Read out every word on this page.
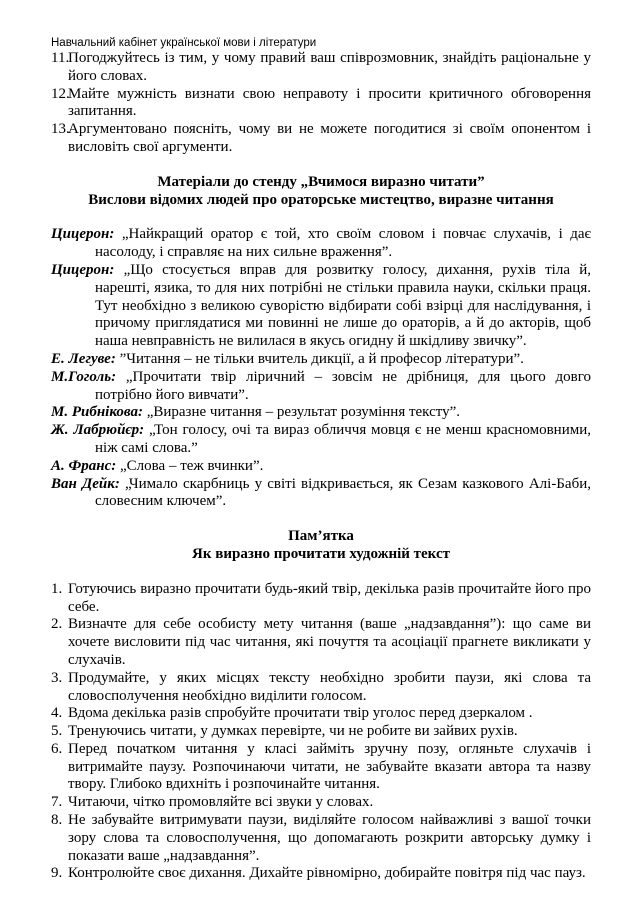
Навчальний кабінет української мови і літератури
11.
Погоджуйтесь із тим, у чому правий ваш співрозмовник, знайдіть раціональне у його словах.
12.
Майте мужність визнати свою неправоту і просити критичного обговорення запитання.
13.
Аргументовано поясніть, чому ви не можете погодитися зі своїм опонентом і висловіть свої аргументи.
Матеріали до стенду „Вчимося виразно читати”
Вислови відомих людей про ораторське мистецтво, виразне читання
Цицерон: „Найкращий оратор є той, хто своїм словом і повчає слухачів, і дає насолоду, і справляє на них сильне враження”.
Цицерон: „Що стосується вправ для розвитку голосу, дихання, рухів тіла й, нарешті, язика, то для них потрібні не стільки правила науки, скільки праця. Тут необхідно з великою суворістю відбирати собі взірці для наслідування, і причому приглядатися ми повинні не лише до ораторів, а й до акторів, щоб наша невправність не вилилася в якусь огидну й шкідливу звичку”.
Е. Легуве: ”Читання – не тільки вчитель дикції, а й професор літератури”.
М.Гоголь: „Прочитати твір ліричний – зовсім не дрібниця, для цього довго потрібно його вивчати”.
М. Рибнікова: „Виразне читання – результат розуміння тексту”.
Ж. Лабрюйєр: „Тон голосу, очі та вираз обличчя мовця є не менш красномовними, ніж самі слова.”
А. Франс: „Слова – теж вчинки”.
Ван Дейк: „Чимало скарбниць у світі відкривається, як Сезам казкового Алі-Баби, словесним ключем”.
Пам’ятка
Як виразно прочитати художній текст
1. Готуючись виразно прочитати будь-який твір, декілька разів прочитайте його про себе.
2. Визначте для себе особисту мету читання (ваше „надзавдання”): що саме ви хочете висловити під час читання, які почуття та асоціації прагнете викликати у слухачів.
3. Продумайте, у яких місцях тексту необхідно зробити паузи, які слова та словосполучення необхідно виділити голосом.
4. Вдома декілька разів спробуйте прочитати твір уголос перед дзеркалом .
5. Тренуючись читати, у думках перевірте, чи не робите ви зайвих рухів.
6. Перед початком читання у класі займіть зручну позу, огляньте слухачів і витримайте паузу. Розпочинаючи читати, не забувайте вказати автора та назву твору. Глибоко вдихніть і розпочинайте читання.
7. Читаючи, чітко промовляйте всі звуки у словах.
8. Не забувайте витримувати паузи, виділяйте голосом найважливі з вашої точки зору слова та словосполучення, що допомагають розкрити авторську думку і показати ваше „надзавдання”.
9. Контролюйте своє дихання. Дихайте рівномірно, добирайте повітря під час пауз.
